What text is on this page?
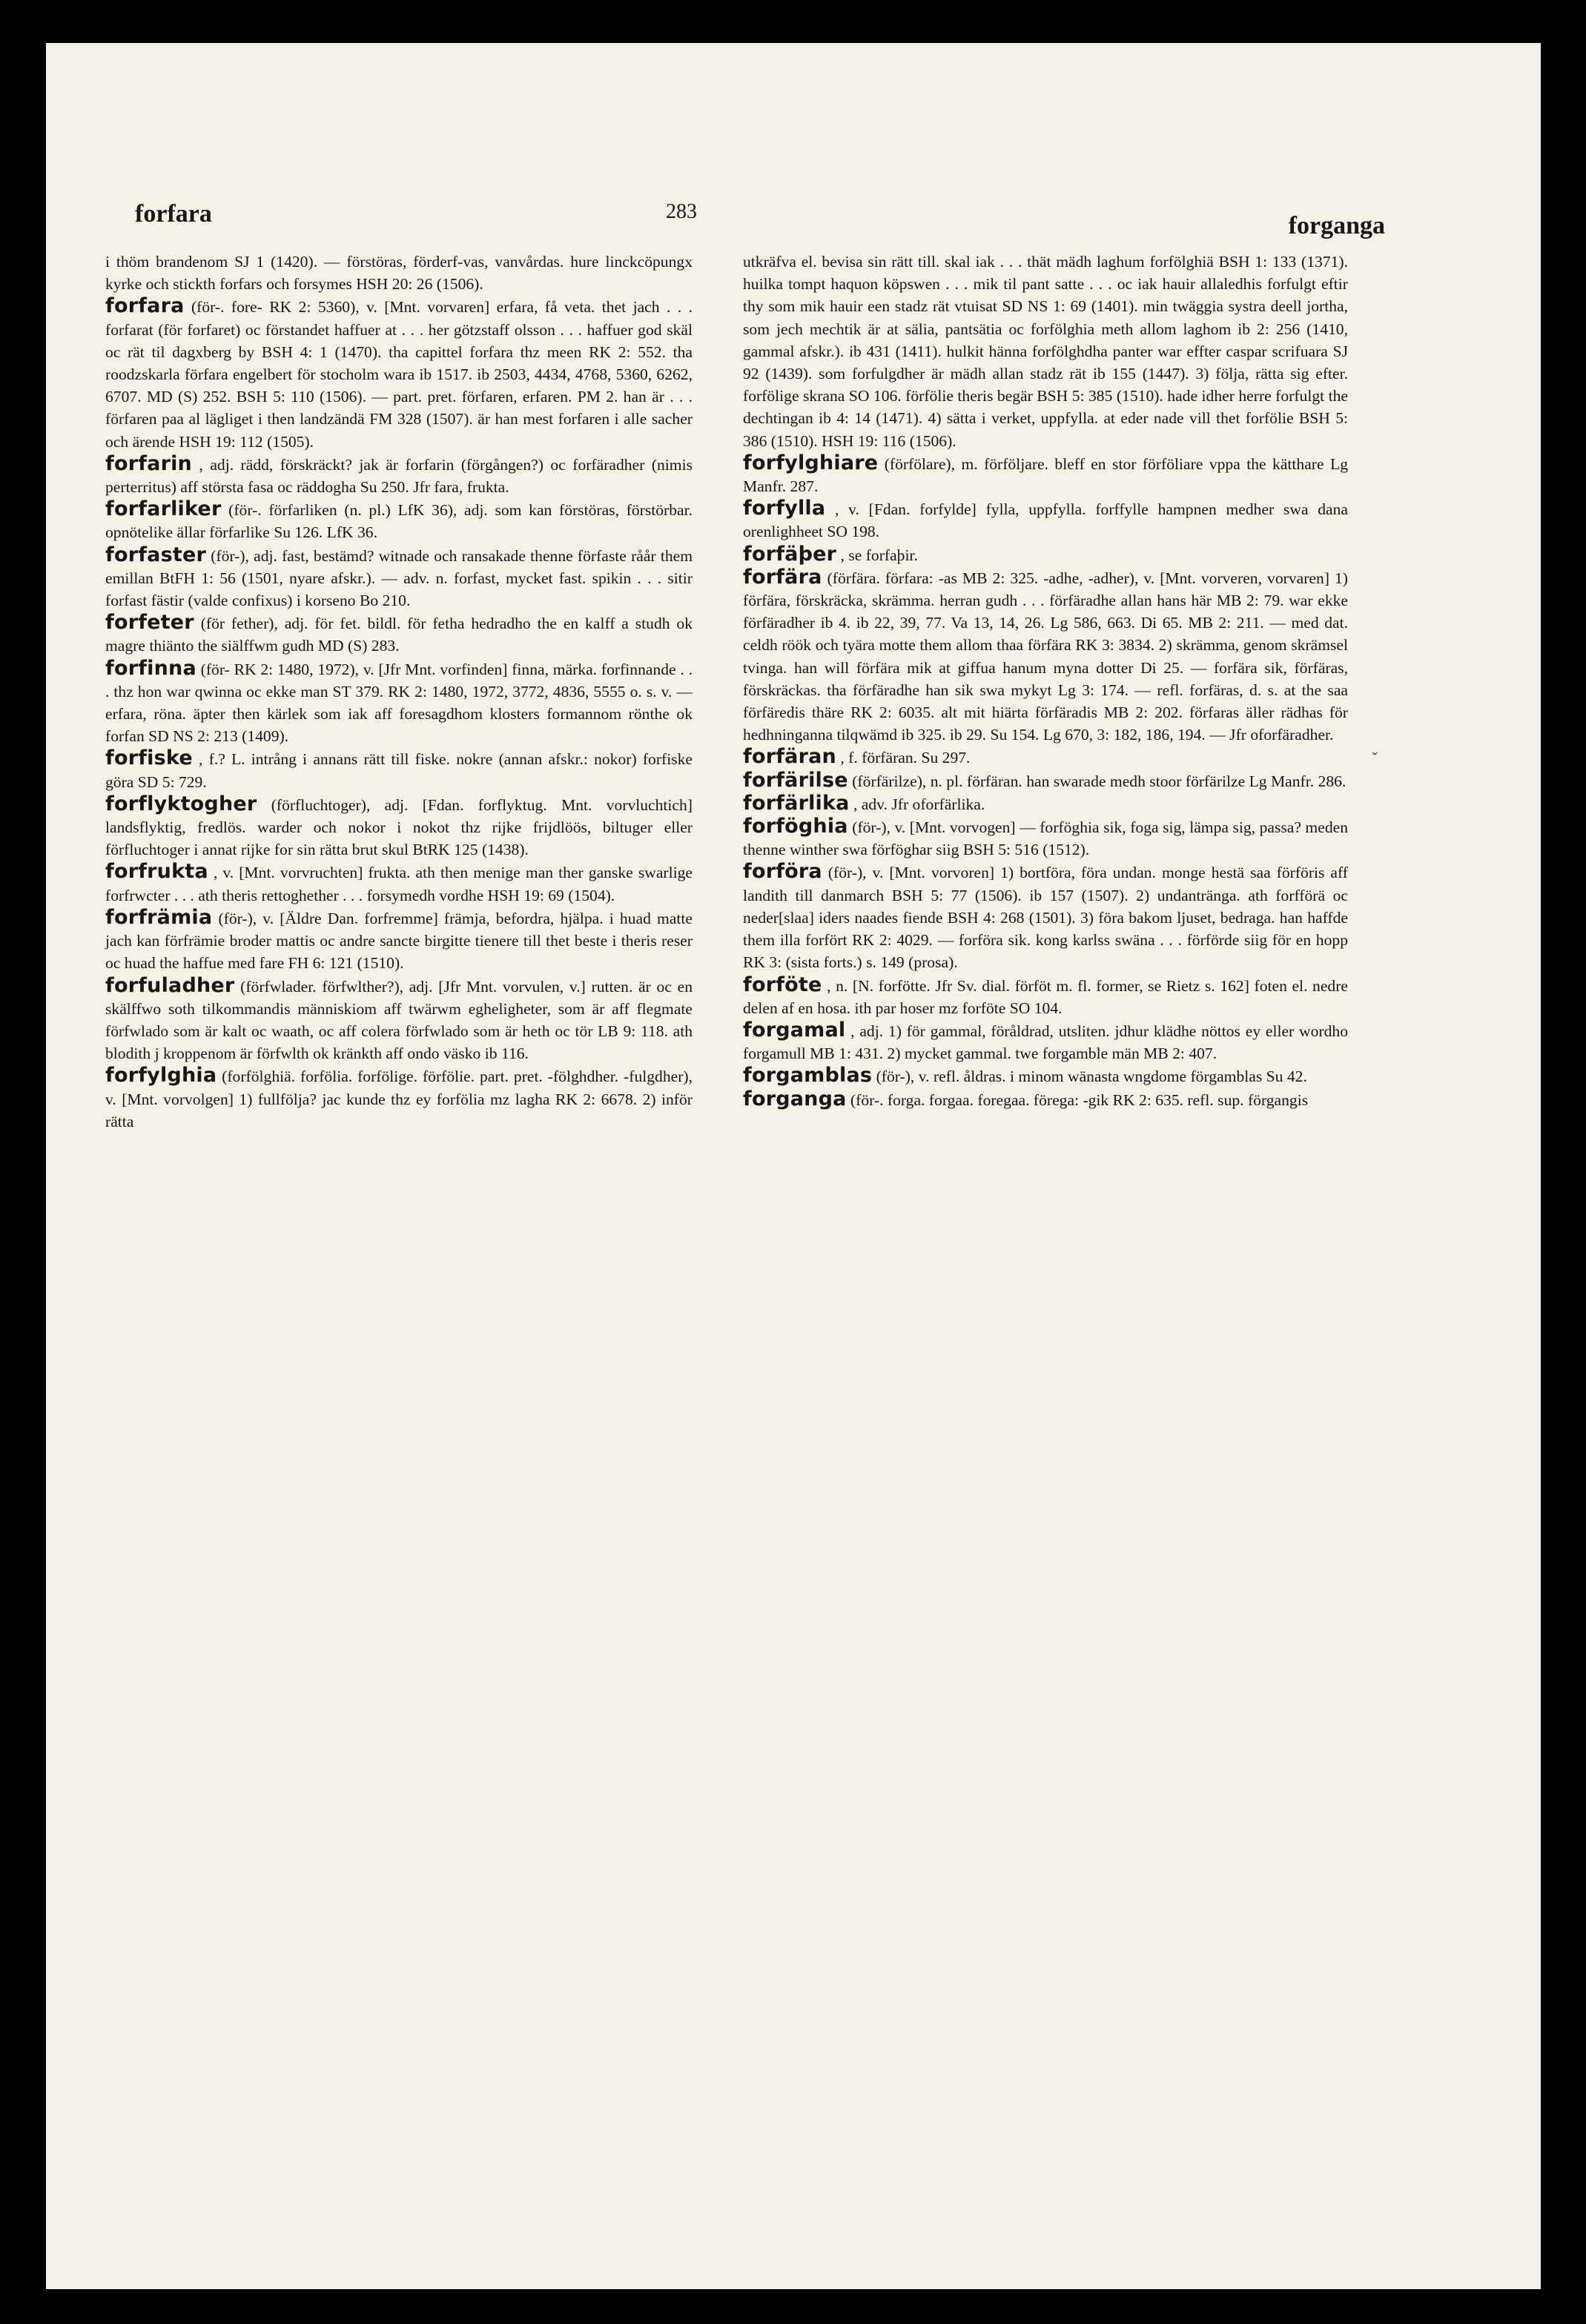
forfara	283
forganga

i thöm brandenom SJ 1 (1420). — förstöras, förderf-vas, vanvårdas. hure linckcöpungx kyrke och stickth forfars och forsymes HSH 20: 26 (1506).

forfara (för-. fore- RK 2: 5360), v. [Mnt. vorvaren] erfara, få veta. thet jach . . . forfarat (för forfaret) oc förstandet haffuer at . . . her götzstaff olsson . . . haffuer god skäl oc rät til dagxberg by BSH 4: 1 (1470). tha capittel forfara thz meen RK 2: 552. tha roodzskarla förfara engelbert för stocholm wara ib 1517. ib 2503, 4434, 4768, 5360, 6262, 6707. MD (S) 252. BSH 5: 110 (1506). — part. pret. förfaren, erfaren. PM 2. han är . . . förfaren paa al lägliget i then landzändä FM 328 (1507). är han mest forfaren i alle sacher och ärende HSH 19: 112 (1505).

forfarin , adj. rädd, förskräckt? jak är forfarin (förgången?) oc forfäradher (nimis perterritus) aff största fasa oc räddogha Su 250. Jfr fara, frukta.

forfarliker (för-. förfarliken (n. pl.) LfK 36), adj. som kan förstöras, förstörbar. opnötelike ällar förfarlike Su 126. LfK 36.

forfaster (för-), adj. fast, bestämd? witnade och ransakade thenne förfaste råår them emillan BtFH 1: 56 (1501, nyare afskr.). — adv. n. forfast, mycket fast. spikin . . . sitir forfast fästir (valde confixus) i korseno Bo 210.

forfeter (för fether), adj. för fet. bildl. för fetha hedradho the en kalff a studh ok magre thiänto the siälffwm gudh MD (S) 283.

forfinna (för- RK 2: 1480, 1972), v. [Jfr Mnt. vorfinden] finna, märka. forfinnande . . . thz hon war qwinna oc ekke man ST 379. RK 2: 1480, 1972, 3772, 4836, 5555 o. s. v. — erfara, röna. äpter then kärlek som iak aff foresagdhom klosters formannom rönthe ok forfan SD NS 2: 213 (1409).

forfiske , f.? L. intrång i annans rätt till fiske. nokre (annan afskr.: nokor) forfiske göra SD 5: 729.

forflyktogher (förfluchtoger), adj. [Fdan. forflyktug. Mnt. vorvluchtich] landsflyktig, fredlös. warder och nokor i nokot thz rijke frijdlöös, biltuger eller förfluchtoger i annat rijke for sin rätta brut skul BtRK 125 (1438).

forfrukta , v. [Mnt. vorvruchten] frukta. ath then menige man ther ganske swarlige forfrwcter . . . ath theris rettoghether . . . forsymedh vordhe HSH 19: 69 (1504).

forfrämia (för-), v. [Äldre Dan. forfremme] främja, befordra, hjälpa. i huad matte jach kan förfrämie broder mattis oc andre sancte birgitte tienere till thet beste i theris reser oc huad the haffue med fare FH 6: 121 (1510).

forfuladher (förfwlader. förfwlther?), adj. [Jfr Mnt. vorvulen, v.] rutten. är oc en skälffwo soth tilkommandis människiom aff twärwm egheligheter, som är aff flegmate förfwlado som är kalt oc waath, oc aff colera förfwlado som är heth oc tör LB 9: 118. ath blodith j kroppenom är förfwlth ok kränkth aff ondo väsko ib 116.

forfylghia (forfölghiä. forfölia. forfölige. förfölie. part. pret. -fölghdher. -fulgdher), v. [Mnt. vorvolgen] 1) fullfölja? jac kunde thz ey forfölia mz lagha RK 2: 6678. 2) inför rätta

utkräfva el. bevisa sin rätt till. skal iak . . . thät mädh laghum forfölghiä BSH 1: 133 (1371). huilka tompt haquon köpswen . . . mik til pant satte . . . oc iak hauir allaledhis forfulgt eftir thy som mik hauir een stadz rät vtuisat SD NS 1: 69 (1401). min twäggia systra deell jortha, som jech mechtik är at sälia, pantsätia oc forfölghia meth allom laghom ib 2: 256 (1410, gammal afskr.). ib 431 (1411). hulkit hänna forfölghdha panter war effter caspar scrifuara SJ 92 (1439). som forfulgdher är mädh allan stadz rät ib 155 (1447). 3) följa, rätta sig efter. forfölige skrana SO 106. förfölie theris begär BSH 5: 385 (1510). hade idher herre forfulgt the dechtingan ib 4: 14 (1471). 4) sätta i verket, uppfylla. at eder nade vill thet forfölie BSH 5: 386 (1510). HSH 19: 116 (1506).

forfylghiare (förfölare), m. förföljare. bleff en stor förföliare vppa the kätthare Lg Manfr. 287.

forfylla , v. [Fdan. forfylde] fylla, uppfylla. forffylle hampnen medher swa dana orenlighheet SO 198.

forfäþer , se forfaþir.

forfära (förfära. förfara: -as MB 2: 325. -adhe, -adher), v. [Mnt. vorveren, vorvaren] 1) förfära, förskräcka, skrämma. herran gudh . . . förfäradhe allan hans här MB 2: 79. war ekke förfäradher ib 4. ib 22, 39, 77. Va 13, 14, 26. Lg 586, 663. Di 65. MB 2: 211. — med dat. celdh röök och tyära motte them allom thaa förfära RK 3: 3834. 2) skrämma, genom skrämsel tvinga. han will förfära mik at giffua hanum myna dotter Di 25. — forfära sik, förfäras, förskräckas. tha förfäradhe han sik swa mykyt Lg 3: 174. — refl. forfäras, d. s. at the saa förfäredis thäre RK 2: 6035. alt mit hiärta förfäradis MB 2: 202. förfaras äller rädhas för hedhninganna tilqwämd ib 325. ib 29. Su 154. Lg 670, 3: 182, 186, 194. — Jfr oforfäradher.

forfäran , f. förfäran. Su 297.

forfärilse (förfärilze), n. pl. förfäran. han swarade medh stoor förfärilze Lg Manfr. 286.

forfärlika , adv. Jfr oforfärlika.

forföghia (för-), v. [Mnt. vorvogen] — forföghia sik, foga sig, lämpa sig, passa? meden thenne winther swa förföghar siig BSH 5: 516 (1512).

forföra (för-), v. [Mnt. vorvoren] 1) bortföra, föra undan. monge hestä saa förföris aff landith till danmarch BSH 5: 77 (1506). ib 157 (1507). 2) undantränga. ath forfförä oc neder[slaa] iders naades fiende BSH 4: 268 (1501). 3) föra bakom ljuset, bedraga. han haffde them illa forfört RK 2: 4029. — forföra sik. kong karlss swäna . . . förförde siig för en hopp RK 3: (sista forts.) s. 149 (prosa).

forföte , n. [N. forfötte. Jfr Sv. dial. förföt m. fl. former, se Rietz s. 162] foten el. nedre delen af en hosa. ith par hoser mz forföte SO 104.

forgamal , adj. 1) för gammal, föråldrad, utsliten. jdhur klädhe nöttos ey eller wordho forgamull MB 1: 431. 2) mycket gammal. twe forgamble män MB 2: 407.

forgamblas (för-), v. refl. åldras. i minom wänasta wngdome förgamblas Su 42.

forganga (för-. forga. forgaa. foregaa. förega: -gik RK 2: 635. refl. sup. förgangis

ˇ
